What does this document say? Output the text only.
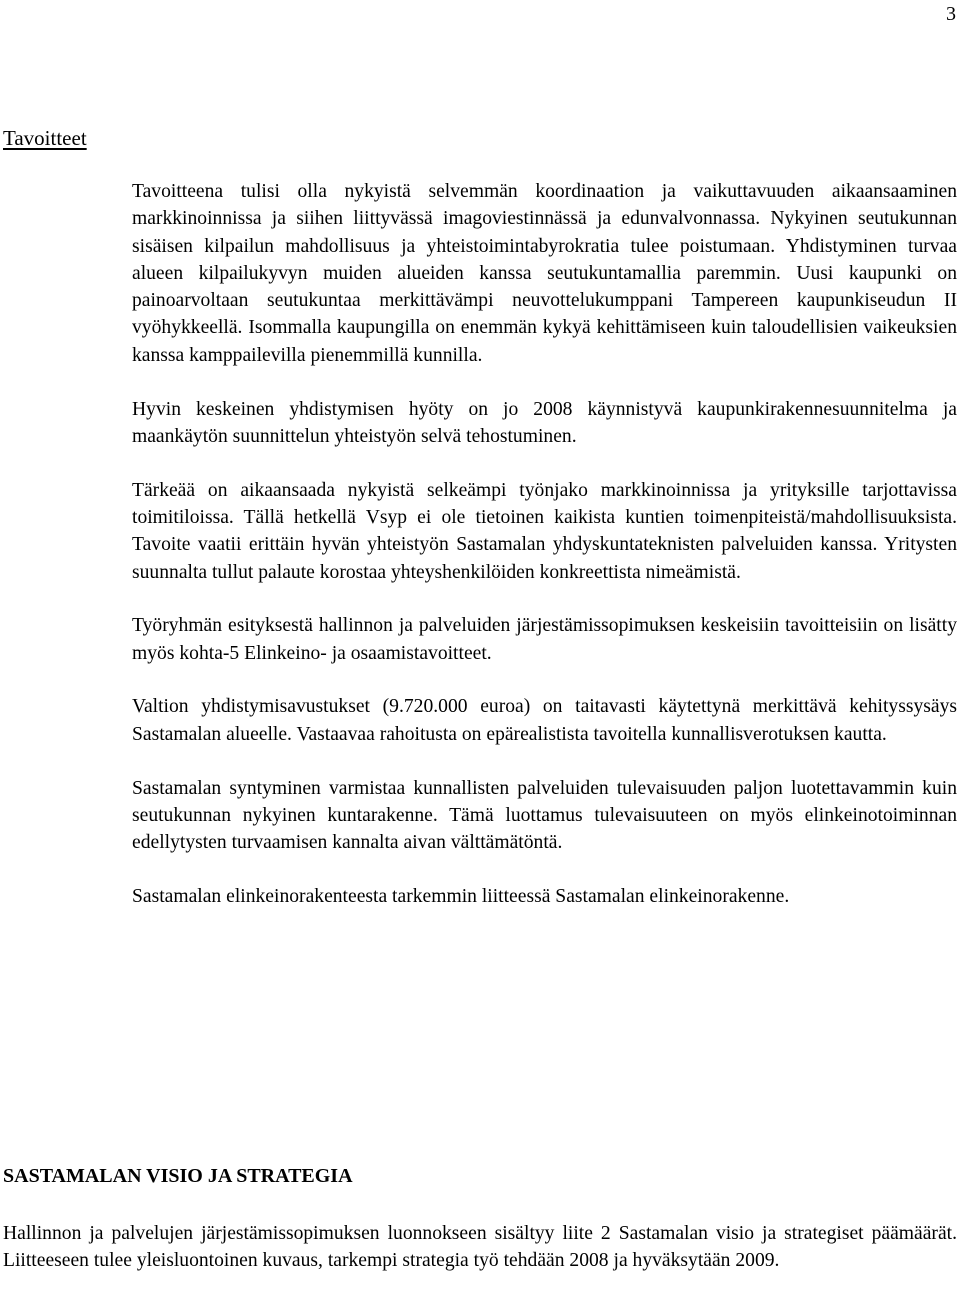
3
Tavoitteet

Tavoitteena tulisi olla nykyistä selvemmän koordinaation ja vaikuttavuuden aikaansaaminen markkinoinnissa ja siihen liittyvässä imagoviestinnässä ja edunvalvonnassa. Nykyinen seutukunnan sisäisen kilpailun mahdollisuus ja yhteistoimintabyrokratia tulee poistumaan. Yhdistyminen turvaa alueen kilpailukyvyn muiden alueiden kanssa seutukuntamallia paremmin. Uusi kaupunki on painoarvoltaan seutukuntaa merkittävämpi neuvottelukumppani Tampereen kaupunkiseudun II vyöhykkeellä. Isommalla kaupungilla on enemmän kykyä kehittämiseen kuin taloudellisien vaikeuksien kanssa kamppailevilla pienemmillä kunnilla.

Hyvin keskeinen yhdistymisen hyöty on jo 2008 käynnistyvä kaupunkirakennesuunnitelma ja maankäytön suunnittelun yhteistyön selvä tehostuminen.

Tärkeää on aikaansaada nykyistä selkeämpi työnjako markkinoinnissa ja yrityksille tarjottavissa toimitiloissa. Tällä hetkellä Vsyp ei ole tietoinen kaikista kuntien toimenpiteistä/mahdollisuuksista. Tavoite vaatii erittäin hyvän yhteistyön Sastamalan yhdyskuntateknisten palveluiden kanssa. Yritysten suunnalta tullut palaute korostaa yhteyshenkilöiden konkreettista nimeämistä.

Työryhmän esityksestä hallinnon ja palveluiden järjestämissopimuksen keskeisiin tavoitteisiin on lisätty myös kohta-5 Elinkeino- ja osaamistavoitteet.

Valtion yhdistymisavustukset (9.720.000 euroa) on taitavasti käytettynä merkittävä kehityssysäys Sastamalan alueelle. Vastaavaa rahoitusta on epärealistista tavoitella kunnallisverotuksen kautta.

Sastamalan syntyminen varmistaa kunnallisten palveluiden tulevaisuuden paljon luotettavammin kuin seutukunnan nykyinen kuntarakenne. Tämä luottamus tulevaisuuteen on myös elinkeinotoiminnan edellytysten turvaamisen kannalta aivan välttämätöntä.

Sastamalan elinkeinorakenteesta tarkemmin liitteessä Sastamalan elinkeinorakenne.

SASTAMALAN VISIO JA STRATEGIA

Hallinnon ja palvelujen järjestämissopimuksen luonnokseen sisältyy liite 2 Sastamalan visio ja strategiset päämäärät. Liitteeseen tulee yleisluontoinen kuvaus, tarkempi strategia työ tehdään 2008 ja hyväksytään 2009.
